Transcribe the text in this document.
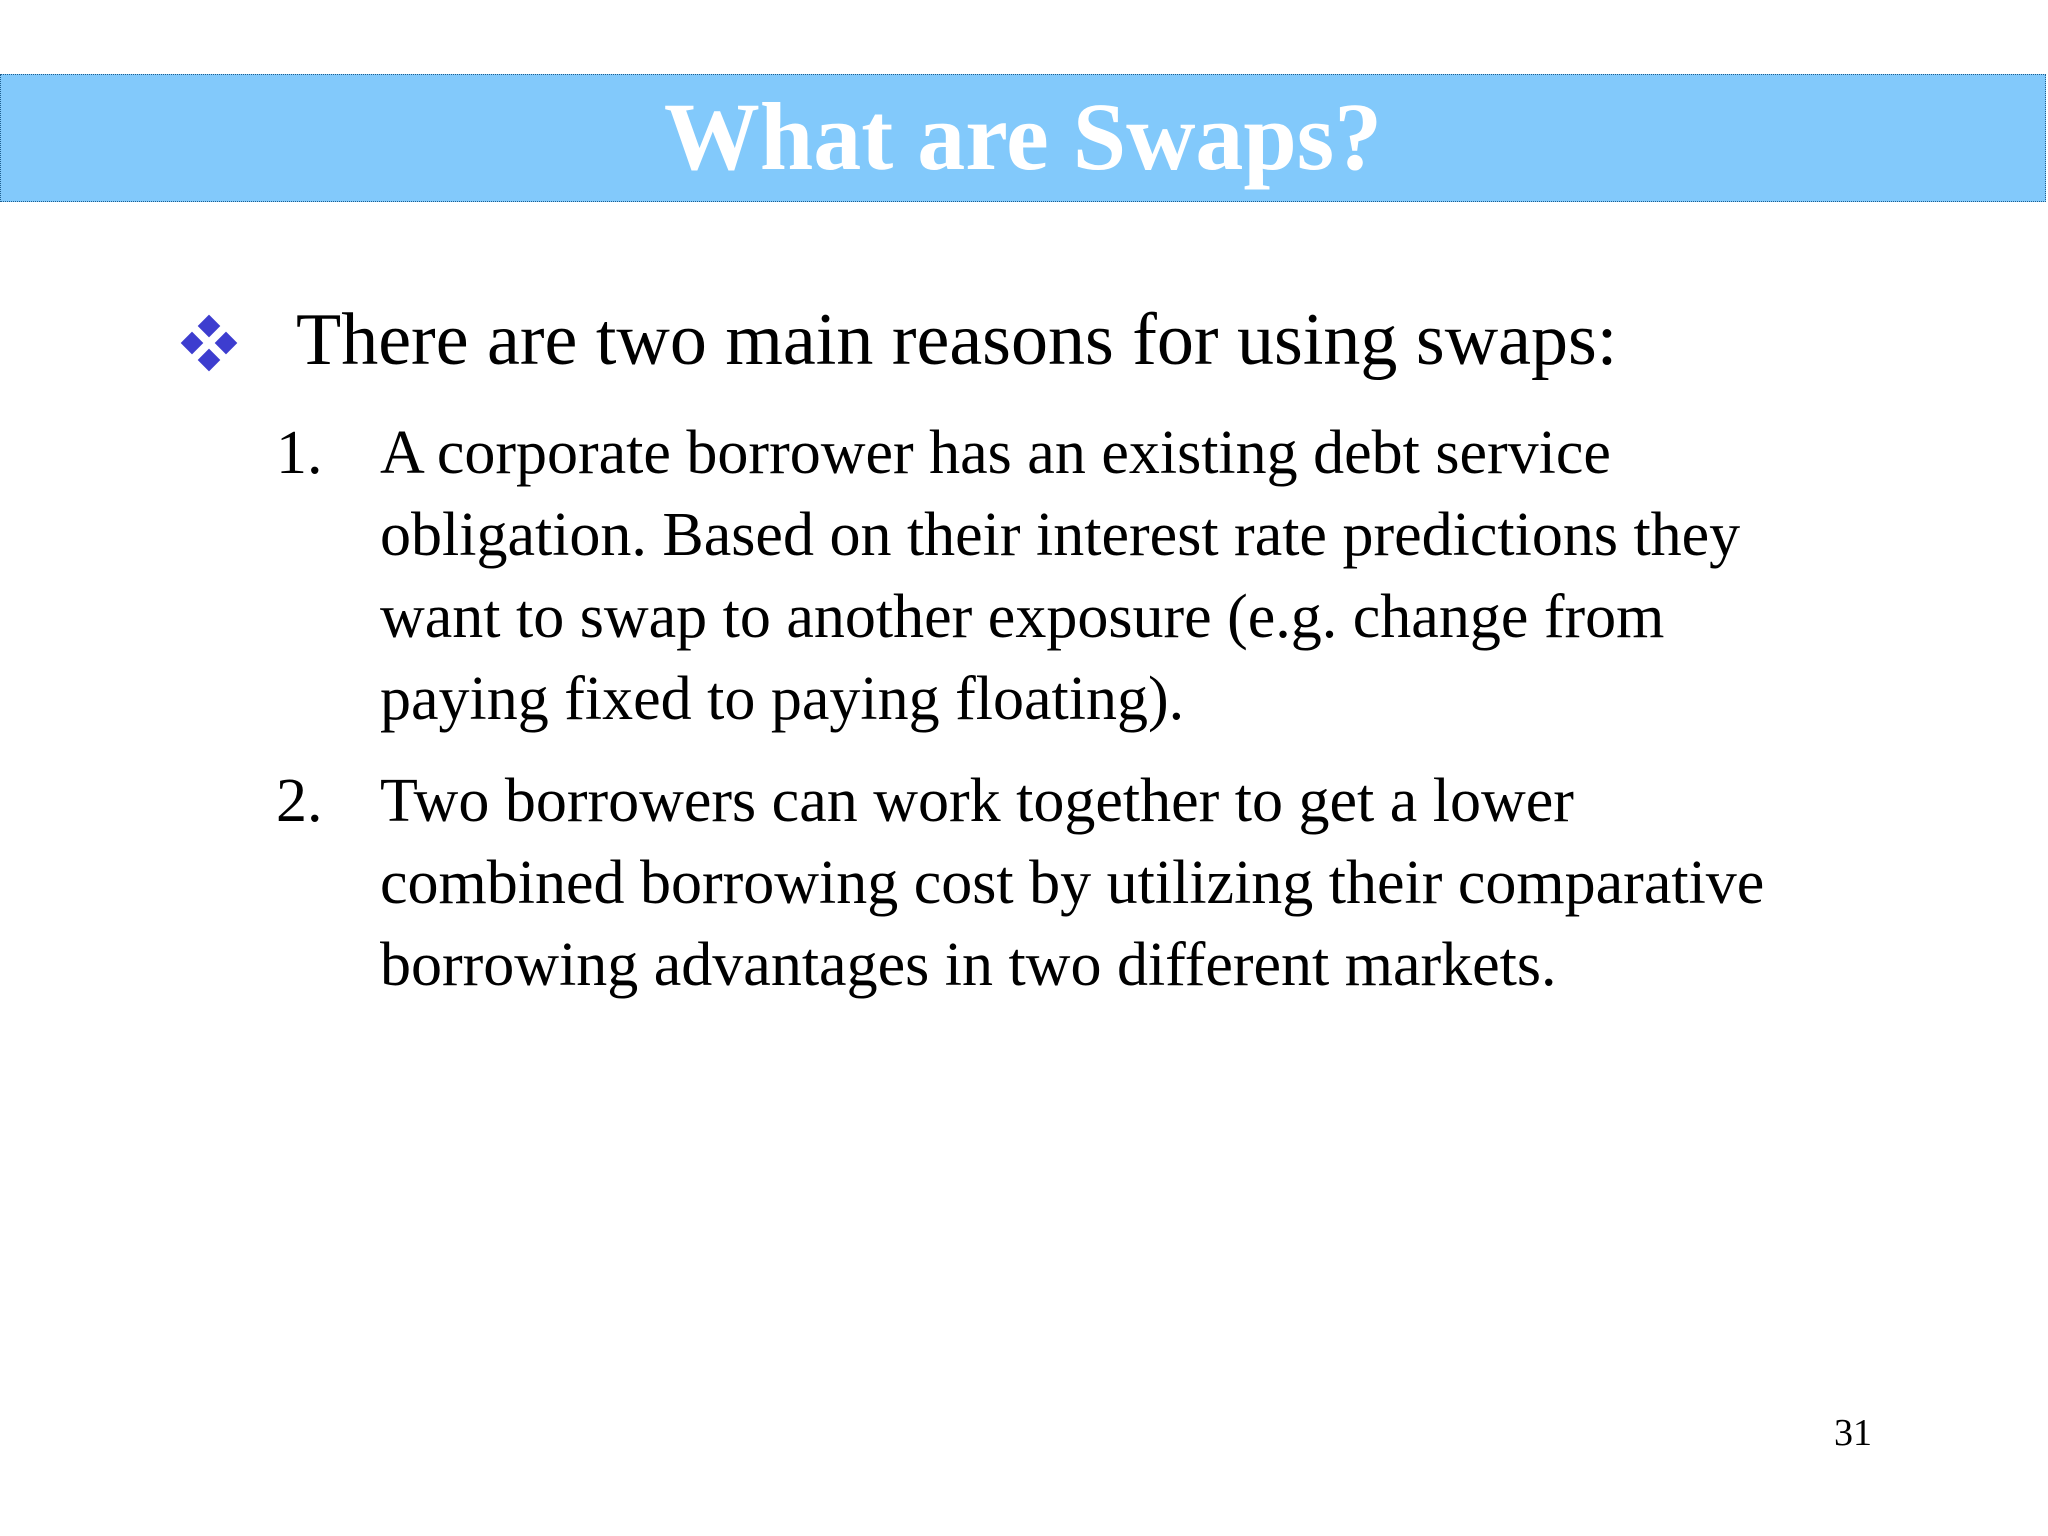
What are Swaps?
There are two main reasons for using swaps:
1. A corporate borrower has an existing debt service obligation. Based on their interest rate predictions they want to swap to another exposure (e.g. change from paying fixed to paying floating).
2. Two borrowers can work together to get a lower combined borrowing cost by utilizing their comparative borrowing advantages in two different markets.
31
